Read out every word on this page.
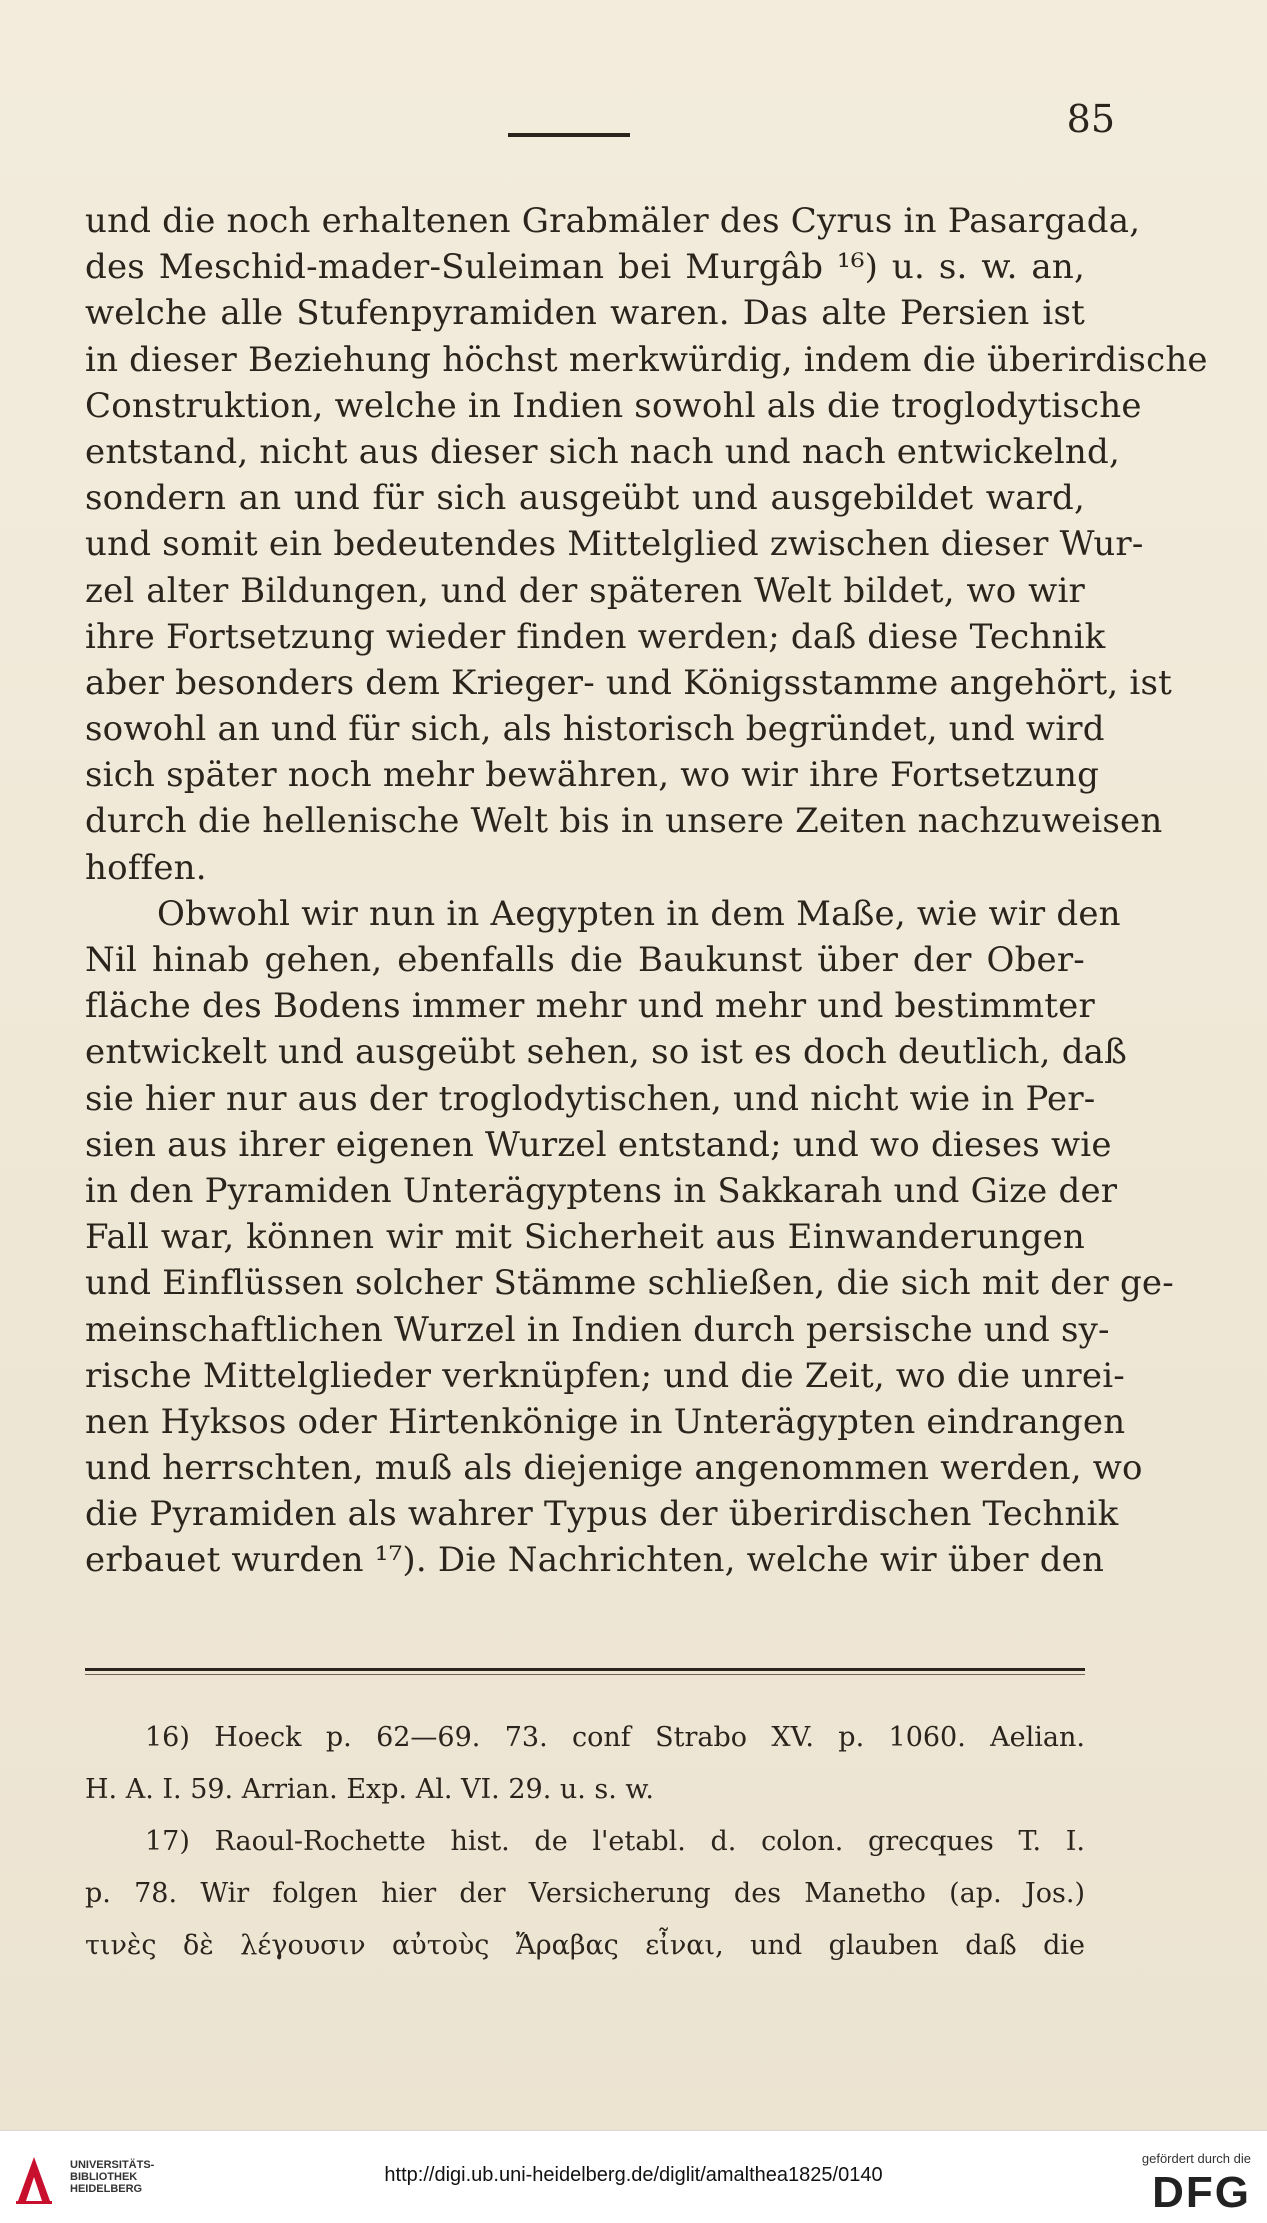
85
und die noch erhaltenen Grabmäler des Cyrus in Pasargada,
des Meschid-mader-Suleiman bei Murgâb ¹⁶) u. s. w. an,
welche alle Stufenpyramiden waren. Das alte Persien ist
in dieser Beziehung höchst merkwürdig, indem die überirdische
Construktion, welche in Indien sowohl als die troglodytische
entstand, nicht aus dieser sich nach und nach entwickelnd,
sondern an und für sich ausgeübt und ausgebildet ward,
und somit ein bedeutendes Mittelglied zwischen dieser Wur-
zel alter Bildungen, und der späteren Welt bildet, wo wir
ihre Fortsetzung wieder finden werden; daß diese Technik
aber besonders dem Krieger- und Königsstamme angehört, ist
sowohl an und für sich, als historisch begründet, und wird
sich später noch mehr bewähren, wo wir ihre Fortsetzung
durch die hellenische Welt bis in unsere Zeiten nachzuweisen
hoffen.
Obwohl wir nun in Aegypten in dem Maße, wie wir den
Nil hinab gehen, ebenfalls die Baukunst über der Ober-
fläche des Bodens immer mehr und mehr und bestimmter
entwickelt und ausgeübt sehen, so ist es doch deutlich, daß
sie hier nur aus der troglodytischen, und nicht wie in Per-
sien aus ihrer eigenen Wurzel entstand; und wo dieses wie
in den Pyramiden Unterägyptens in Sakkarah und Gize der
Fall war, können wir mit Sicherheit aus Einwanderungen
und Einflüssen solcher Stämme schließen, die sich mit der ge-
meinschaftlichen Wurzel in Indien durch persische und sy-
rische Mittelglieder verknüpfen; und die Zeit, wo die unrei-
nen Hyksos oder Hirtenkönige in Unterägypten eindrangen
und herrschten, muß als diejenige angenommen werden, wo
die Pyramiden als wahrer Typus der überirdischen Technik
erbauet wurden ¹⁷). Die Nachrichten, welche wir über den
16) Hoeck p. 62—69. 73. conf Strabo XV. p. 1060. Aelian.
H. A. I. 59. Arrian. Exp. Al. VI. 29. u. s. w.
17) Raoul-Rochette hist. de l'etabl. d. colon. grecques T. I.
p. 78. Wir folgen hier der Versicherung des Manetho (ap. Jos.)
τινὲς δὲ λέγουσιν αὐτοὺς Ἄραβας εἶναι, und glauben daß die
UNIVERSITÄTS-
BIBLIOTHEK
HEIDELBERG
http://digi.ub.uni-heidelberg.de/diglit/amalthea1825/0140
gefördert durch die
DFG
